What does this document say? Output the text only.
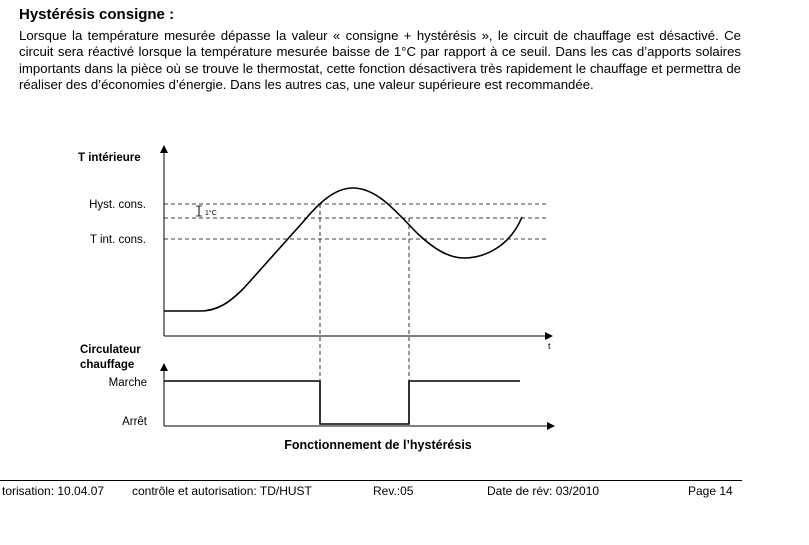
Hystérésis consigne :

Lorsque la température mesurée dépasse la valeur « consigne + hystérésis », le circuit de chauffage est désactivé. Ce circuit sera réactivé lorsque la température mesurée baisse de 1°C par rapport à ce seuil. Dans les cas d’apports solaires importants dans la pièce où se trouve le thermostat, cette fonction désactivera très rapidement le chauffage et permettra de réaliser des d’économies d’énergie. Dans les autres cas, une valeur supérieure est recommandée.

T intérieure
t
Hyst. cons.
T int. cons.
1°C
Circulateur
chauffage
Marche
Arrêt
Fonctionnement de l’hystérésis
torisation: 10.04.07 contrôle et autorisation: TD/HUST	Rev.:05	Date de rév: 03/2010	Page 14
